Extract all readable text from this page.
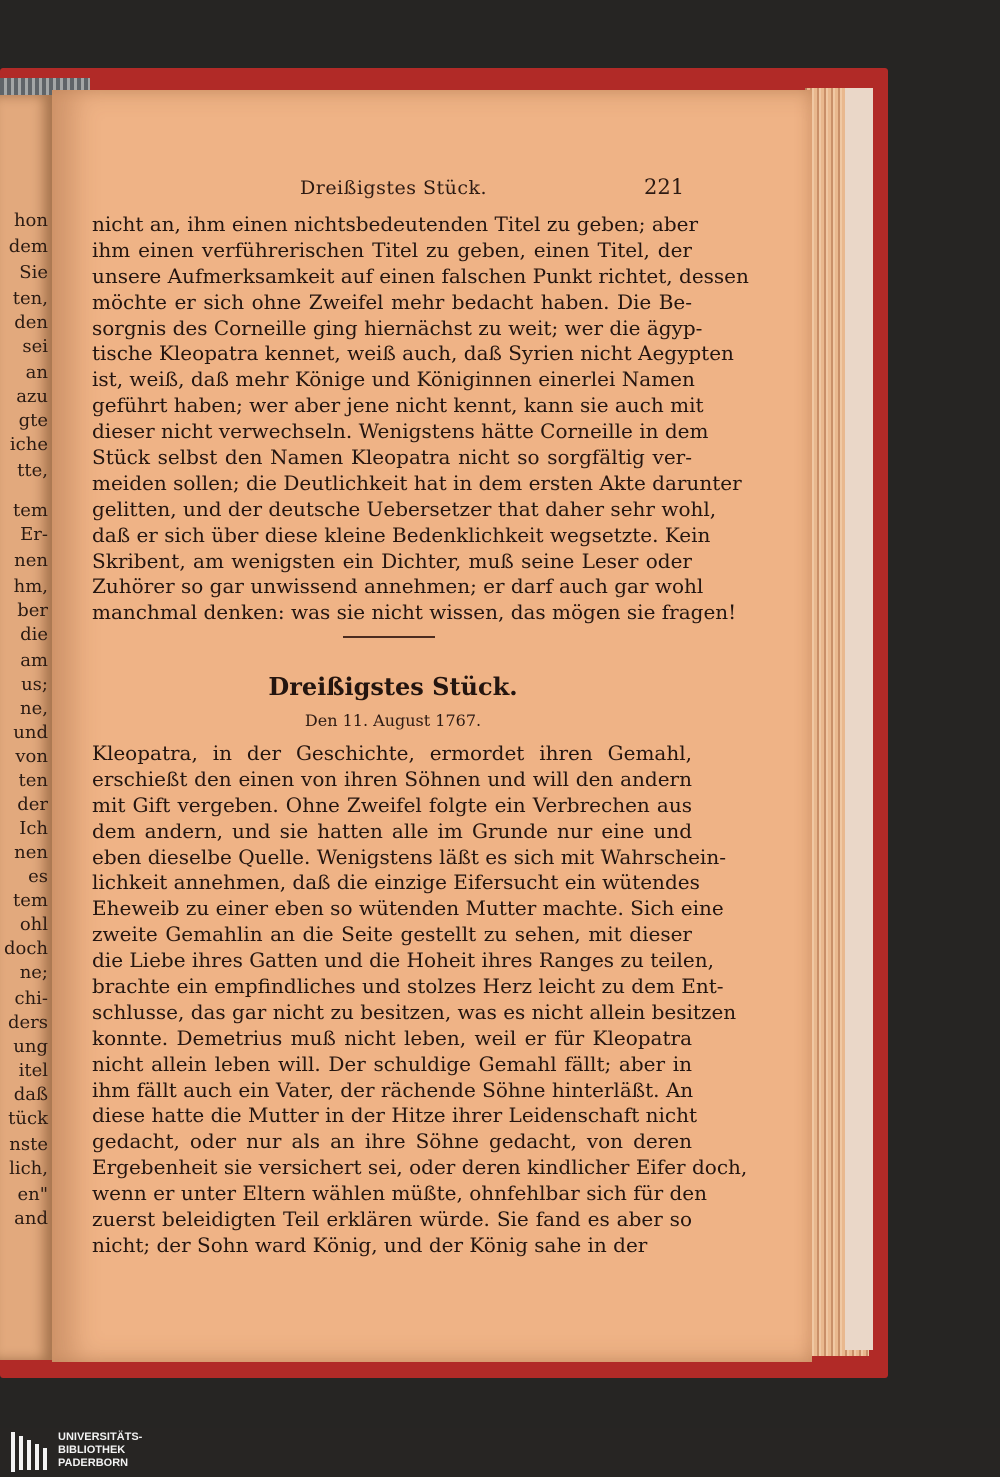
hon
dem
Sie
ten,
den
sei
an
azu
gte
iche
tte,
tem
Er-
nen
hm,
ber
die
am
us;
ne,
und
von
ten
der
Ich
nen
es
tem
ohl
doch
ne;
chi-
ders
ung
itel
daß
tück
nste
lich,
en"
and
Dreißigstes Stück.	221
nicht an, ihm einen nichtsbedeutenden Titel zu geben; aber
ihm einen verführerischen Titel zu geben, einen Titel, der
unsere Aufmerksamkeit auf einen falschen Punkt richtet, dessen
möchte er sich ohne Zweifel mehr bedacht haben. Die Be-
sorgnis des Corneille ging hiernächst zu weit; wer die ägyp-
tische Kleopatra kennet, weiß auch, daß Syrien nicht Aegypten
ist, weiß, daß mehr Könige und Königinnen einerlei Namen
geführt haben; wer aber jene nicht kennt, kann sie auch mit
dieser nicht verwechseln. Wenigstens hätte Corneille in dem
Stück selbst den Namen Kleopatra nicht so sorgfältig ver-
meiden sollen; die Deutlichkeit hat in dem ersten Akte darunter
gelitten, und der deutsche Uebersetzer that daher sehr wohl,
daß er sich über diese kleine Bedenklichkeit wegsetzte. Kein
Skribent, am wenigsten ein Dichter, muß seine Leser oder
Zuhörer so gar unwissend annehmen; er darf auch gar wohl
manchmal denken: was sie nicht wissen, das mögen sie fragen!
Dreißigstes Stück.
Den 11. August 1767.
Kleopatra, in der Geschichte, ermordet ihren Gemahl,
erschießt den einen von ihren Söhnen und will den andern
mit Gift vergeben. Ohne Zweifel folgte ein Verbrechen aus
dem andern, und sie hatten alle im Grunde nur eine und
eben dieselbe Quelle. Wenigstens läßt es sich mit Wahrschein-
lichkeit annehmen, daß die einzige Eifersucht ein wütendes
Eheweib zu einer eben so wütenden Mutter machte. Sich eine
zweite Gemahlin an die Seite gestellt zu sehen, mit dieser
die Liebe ihres Gatten und die Hoheit ihres Ranges zu teilen,
brachte ein empfindliches und stolzes Herz leicht zu dem Ent-
schlusse, das gar nicht zu besitzen, was es nicht allein besitzen
konnte. Demetrius muß nicht leben, weil er für Kleopatra
nicht allein leben will. Der schuldige Gemahl fällt; aber in
ihm fällt auch ein Vater, der rächende Söhne hinterläßt. An
diese hatte die Mutter in der Hitze ihrer Leidenschaft nicht
gedacht, oder nur als an ihre Söhne gedacht, von deren
Ergebenheit sie versichert sei, oder deren kindlicher Eifer doch,
wenn er unter Eltern wählen müßte, ohnfehlbar sich für den
zuerst beleidigten Teil erklären würde. Sie fand es aber so
nicht; der Sohn ward König, und der König sahe in der
UNIVERSITÄTS-
BIBLIOTHEK
PADERBORN
